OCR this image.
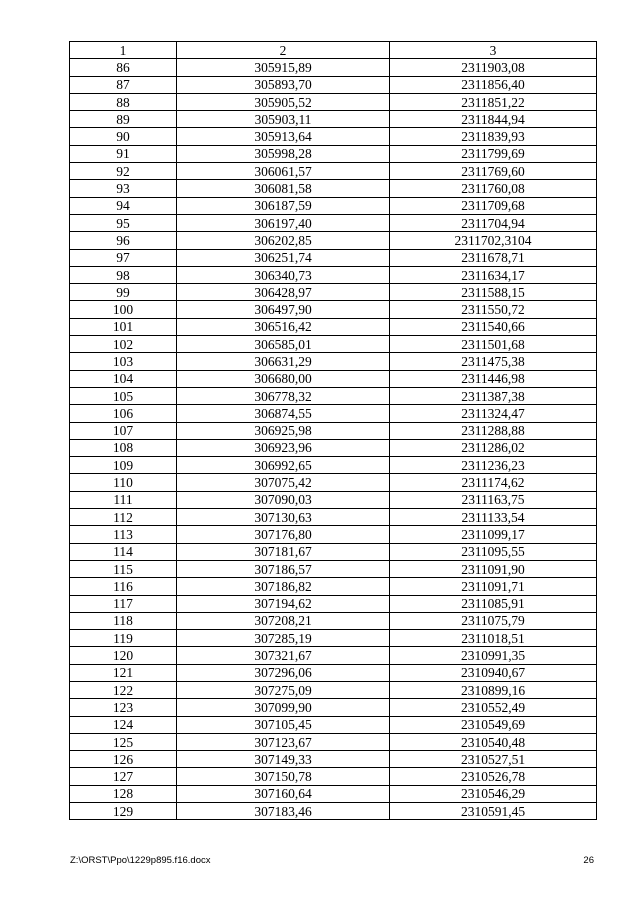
1	2	3
86	305915,89	2311903,08
87	305893,70	2311856,40
88	305905,52	2311851,22
89	305903,11	2311844,94
90	305913,64	2311839,93
91	305998,28	2311799,69
92	306061,57	2311769,60
93	306081,58	2311760,08
94	306187,59	2311709,68
95	306197,40	2311704,94
96	306202,85	2311702,3104
97	306251,74	2311678,71
98	306340,73	2311634,17
99	306428,97	2311588,15
100	306497,90	2311550,72
101	306516,42	2311540,66
102	306585,01	2311501,68
103	306631,29	2311475,38
104	306680,00	2311446,98
105	306778,32	2311387,38
106	306874,55	2311324,47
107	306925,98	2311288,88
108	306923,96	2311286,02
109	306992,65	2311236,23
110	307075,42	2311174,62
111	307090,03	2311163,75
112	307130,63	2311133,54
113	307176,80	2311099,17
114	307181,67	2311095,55
115	307186,57	2311091,90
116	307186,82	2311091,71
117	307194,62	2311085,91
118	307208,21	2311075,79
119	307285,19	2311018,51
120	307321,67	2310991,35
121	307296,06	2310940,67
122	307275,09	2310899,16
123	307099,90	2310552,49
124	307105,45	2310549,69
125	307123,67	2310540,48
126	307149,33	2310527,51
127	307150,78	2310526,78
128	307160,64	2310546,29
129	307183,46	2310591,45
Z:\ORST\Ppo\1229p895.f16.docx	26
